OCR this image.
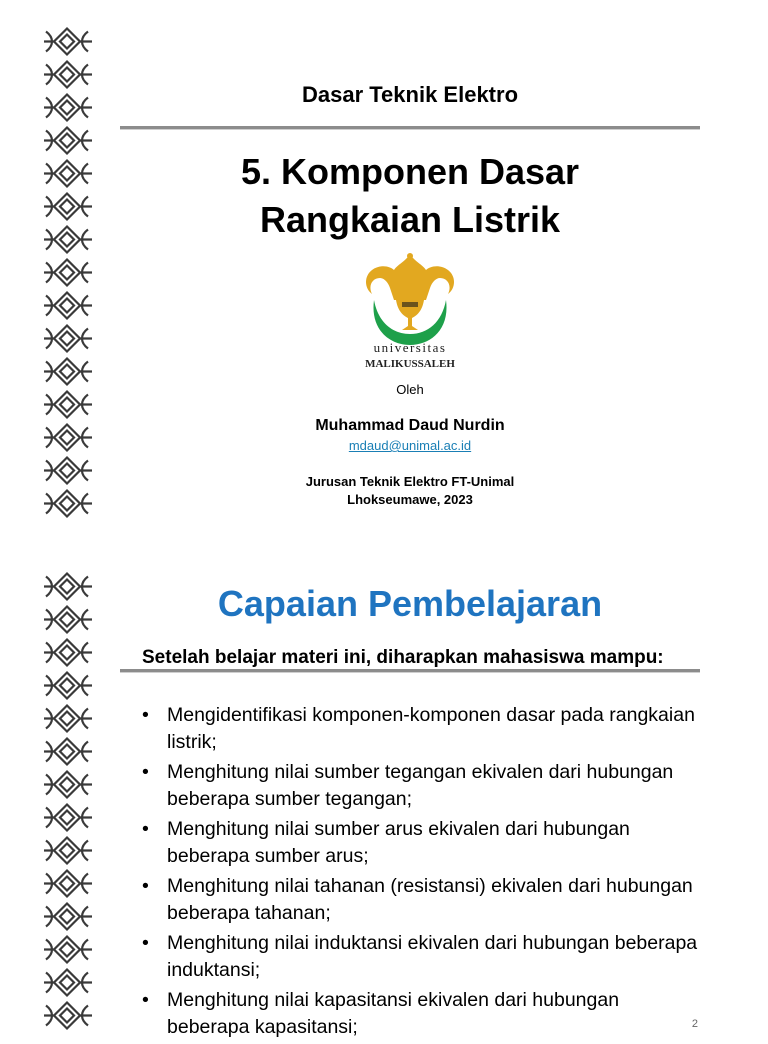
Dasar Teknik Elektro
5. Komponen Dasar
Rangkaian Listrik
universitas
MALIKUSSALEH
Oleh
Muhammad Daud Nurdin
mdaud@unimal.ac.id
Jurusan Teknik Elektro FT-Unimal
Lhokseumawe, 2023
Capaian Pembelajaran
Setelah belajar materi ini, diharapkan mahasiswa mampu:
• Mengidentifikasi komponen-komponen dasar pada rangkaian listrik;
• Menghitung nilai sumber tegangan ekivalen dari hubungan beberapa sumber tegangan;
• Menghitung nilai sumber arus ekivalen dari hubungan beberapa sumber arus;
• Menghitung nilai tahanan (resistansi) ekivalen dari hubungan beberapa tahanan;
• Menghitung nilai induktansi ekivalen dari hubungan beberapa induktansi;
• Menghitung nilai kapasitansi ekivalen dari hubungan beberapa kapasitansi;	2
